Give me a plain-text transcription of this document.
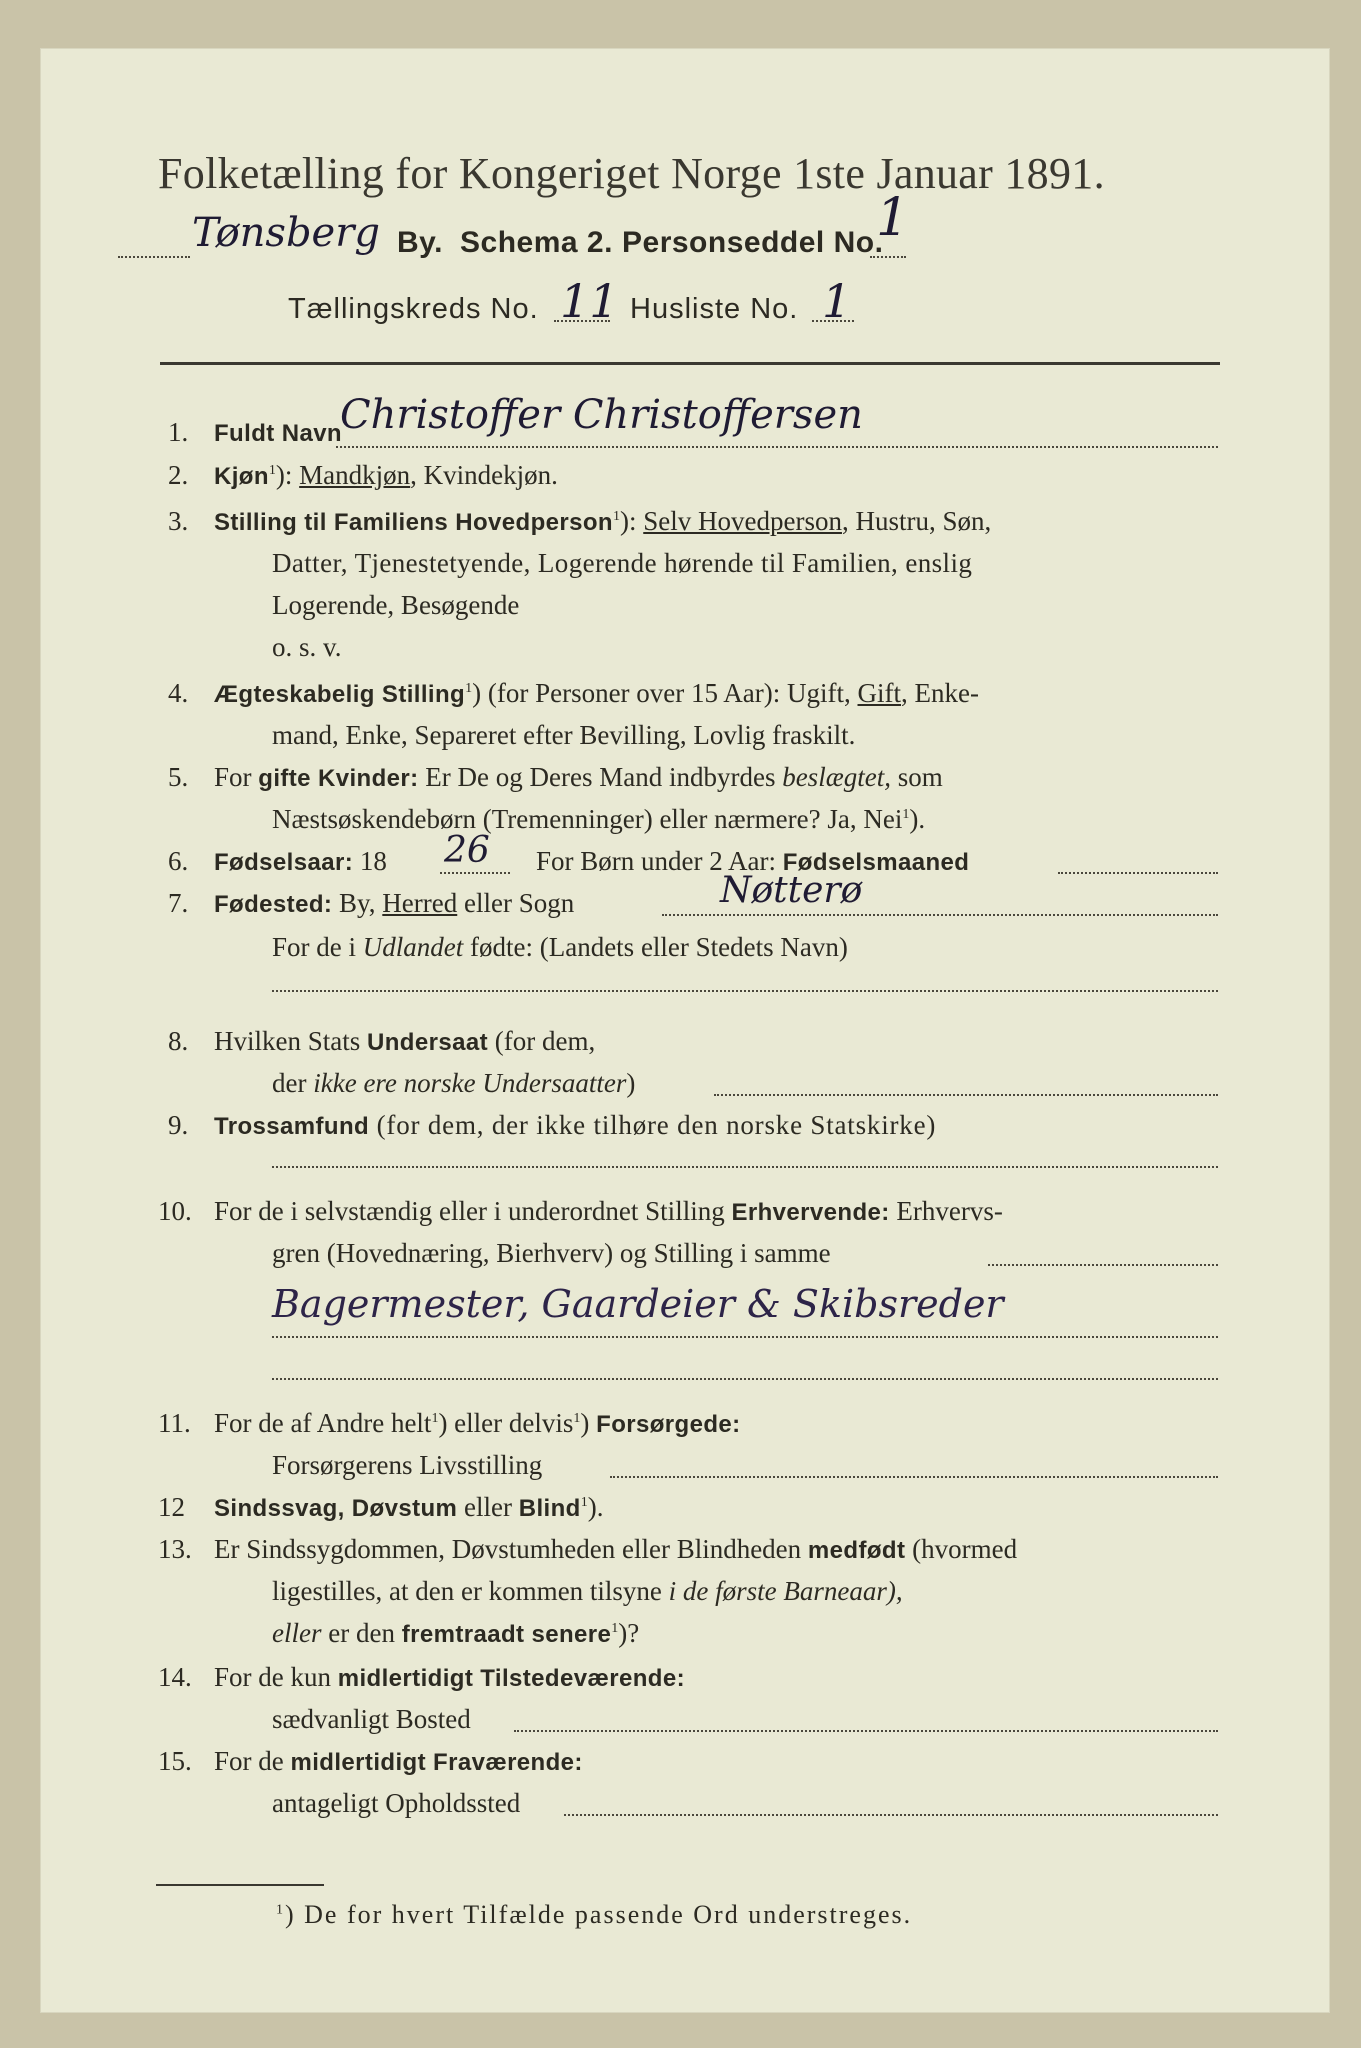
Folketælling for Kongeriget Norge 1ste Januar 1891.
Tønsberg By. Schema 2. Personseddel No.
1
Tællingskreds No. 11 Husliste No. 1
1. Fuldt Navn
Christoffer Christoffersen
2. Kjøn$^1$): Mandkjøn, Kvindekjøn.
3. Stilling til Familiens Hovedperson$^1$): Selv Hovedperson, Hustru, Søn,
Datter, Tjenestetyende, Logerende hørende til Familien, enslig
Logerende, Besøgende
o. s. v.
4. Ægteskabelig Stilling$^1$) (for Personer over 15 Aar): Ugift, Gift, Enke-
mand, Enke, Separeret efter Bevilling, Lovlig fraskilt.
5. For gifte Kvinder: Er De og Deres Mand indbyrdes beslægtet, som
Næstsøskendebørn (Tremenninger) eller nærmere? Ja, Nei$^1$).
6. Fødselsaar: 18 26 For Børn under 2 Aar: Fødselsmaaned
7. Fødested: By, Herred eller Sogn	Nøtterø
For de i Udlandet fødte: (Landets eller Stedets Navn)
8. Hvilken Stats Undersaat (for dem,
der ikke ere norske Undersaatter)
9. Trossamfund (for dem, der ikke tilhøre den norske Statskirke)
10. For de i selvstændig eller i underordnet Stilling Erhvervende: Erhvervs-
gren (Hovednæring, Bierhverv) og Stilling i samme
Bagermester, Gaardeier & Skibsreder
11. For de af Andre helt$^1$) eller delvis$^1$) Forsørgede:
Forsørgerens Livsstilling
12 Sindssvag, Døvstum eller Blind$^1$).
13. Er Sindssygdommen, Døvstumheden eller Blindheden medfødt (hvormed
ligestilles, at den er kommen tilsyne i de første Barneaar),
eller er den fremtraadt senere$^1$)?
14. For de kun midlertidigt Tilstedeværende:
sædvanligt Bosted
15. For de midlertidigt Fraværende:
antageligt Opholdssted
$^1$) De for hvert Tilfælde passende Ord understreges.
